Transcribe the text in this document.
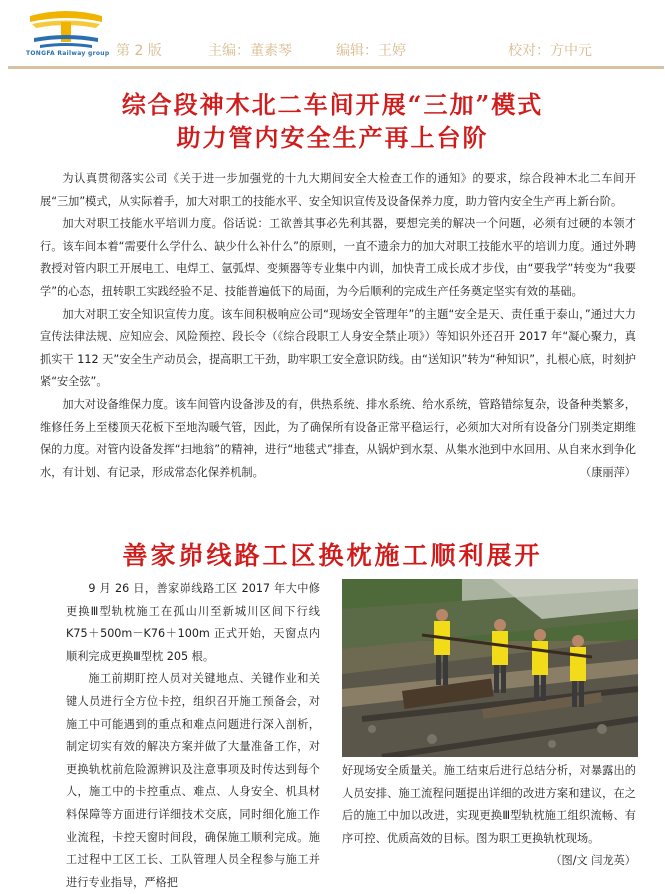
TONGFA Railway group 第 2 版	主编：董素琴	编辑：王婷	校对：方中元
综合段神木北二车间开展“三加”模式
助力管内安全生产再上台阶

为认真贯彻落实公司《关于进一步加强党的十九大期间安全大检查工作的通知》的要求，综合段神木北二车间开展“三加”模式，从实际着手，加大对职工的技能水平、安全知识宣传及设备保养力度，助力管内安全生产再上新台阶。

加大对职工技能水平培训力度。俗话说：工欲善其事必先利其器，要想完美的解决一个问题，必须有过硬的本领才行。该车间本着“需要什么学什么、缺少什么补什么”的原则，一直不遗余力的加大对职工技能水平的培训力度。通过外聘教授对管内职工开展电工、电焊工、氩弧焊、变频器等专业集中内训，加快青工成长成才步伐，由“要我学”转变为“我要学”的心态，扭转职工实践经验不足、技能普遍低下的局面，为今后顺利的完成生产任务奠定坚实有效的基础。

加大对职工安全知识宣传力度。该车间积极响应公司“现场安全管理年”的主题“安全是天、责任重于泰山，”通过大力宣传法律法规、应知应会、风险预控、段长令（《综合段职工人身安全禁止项》）等知识外还召开 2017 年“凝心聚力，真抓实干 112 天”安全生产动员会，提高职工干劲，助牢职工安全意识防线。由“送知识”转为“种知识”，扎根心底，时刻护紧“安全弦”。

加大对设备维保力度。该车间管内设备涉及的有，供热系统、排水系统、给水系统，管路错综复杂，设备种类繁多，维修任务上至楼顶天花板下至地沟暖气管，因此，为了确保所有设备正常平稳运行，必须加大对所有设备分门别类定期维保的力度。对管内设备发挥“扫地翁”的精神，进行“地毯式”排查，从锅炉到水泵、从集水池到中水回用、从自来水到争化水，有计划、有记录，形成常态化保养机制。	（康丽萍）

善家峁线路工区换枕施工顺利展开

9 月 26 日，善家峁线路工区 2017 年大中修更换Ⅲ型轨枕施工在孤山川至新城川区间下行线 K75＋500m－K76＋100m 正式开始，天窗点内顺利完成更换Ⅲ型枕 205 根。

施工前期盯控人员对关键地点、关键作业和关键人员进行全方位卡控，组织召开施工预备会，对施工中可能遇到的重点和难点问题进行深入剖析，制定切实有效的解决方案并做了大量准备工作，对更换轨枕前危险源辨识及注意事项及时传达到每个人，施工中的卡控重点、难点、人身安全、机具材料保障等方面进行详细技术交底，同时细化施工作业流程，卡控天窗时间段，确保施工顺利完成。施工过程中工区工长、工队管理人员全程参与施工并进行专业指导，严格把

好现场安全质量关。施工结束后进行总结分析，对暴露出的人员安排、施工流程问题提出详细的改进方案和建议，在之后的施工中加以改进，实现更换Ⅲ型轨枕施工组织流畅、有序可控、优质高效的目标。图为职工更换轨枕现场。
（图/文 闫龙英）
